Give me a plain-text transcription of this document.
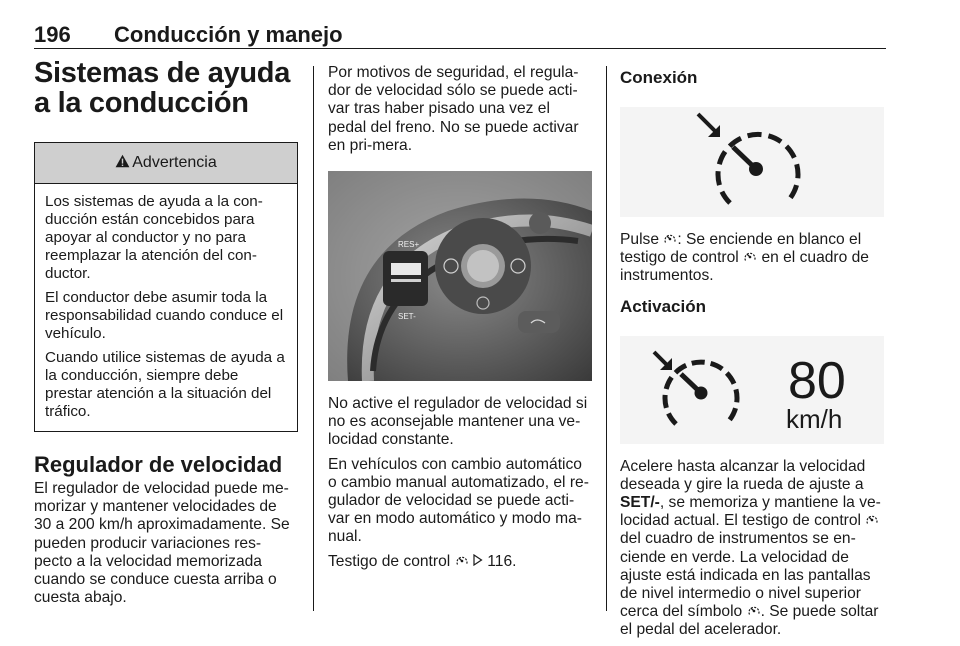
196 Conducción y manejo
Sistemas de ayuda a la conducción
Advertencia

Los sistemas de ayuda a la con-ducción están concebidos para apoyar al conductor y no para reemplazar la atención del con-ductor.

El conductor debe asumir toda la responsabilidad cuando conduce el vehículo.

Cuando utilice sistemas de ayuda a la conducción, siempre debe prestar atención a la situación del tráfico.

Regulador de velocidad

El regulador de velocidad puede me-morizar y mantener velocidades de 30 a 200 km/h aproximadamente. Se pueden producir variaciones res-pecto a la velocidad memorizada cuando se conduce cuesta arriba o cuesta abajo.

Por motivos de seguridad, el regula-dor de velocidad sólo se puede acti-var tras haber pisado una vez el pedal del freno. No se puede activar en pri-mera.

RES+
SET-

No active el regulador de velocidad si no es aconsejable mantener una ve-locidad constante.

En vehículos con cambio automático o cambio manual automatizado, el re-gulador de velocidad se puede acti-var en modo automático y modo ma-nual.

Testigo de control 116.

Conexión

Pulse : Se enciende en blanco el testigo de control en el cuadro de instrumentos.

Activación
80
km/h

Acelere hasta alcanzar la velocidad deseada y gire la rueda de ajuste a SET/-, se memoriza y mantiene la ve-locidad actual. El testigo de control  del cuadro de instrumentos se en-ciende en verde. La velocidad de ajuste está indicada en las pantallas de nivel intermedio o nivel superior cerca del símbolo . Se puede soltar el pedal del acelerador.
